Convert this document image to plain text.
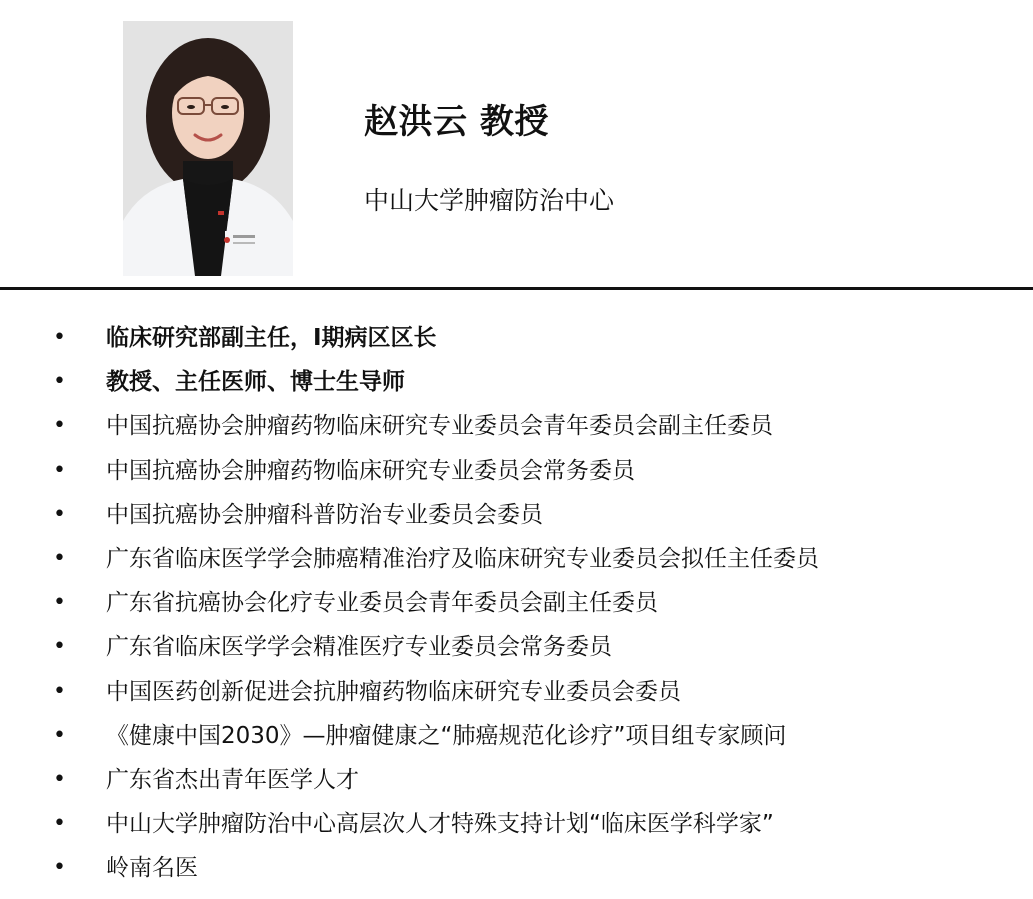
赵洪云 教授
中山大学肿瘤防治中心
• 临床研究部副主任，I期病区区长
• 教授、主任医师、博士生导师
• 中国抗癌协会肿瘤药物临床研究专业委员会青年委员会副主任委员
• 中国抗癌协会肿瘤药物临床研究专业委员会常务委员
• 中国抗癌协会肿瘤科普防治专业委员会委员
• 广东省临床医学学会肺癌精准治疗及临床研究专业委员会拟任主任委员
• 广东省抗癌协会化疗专业委员会青年委员会副主任委员
• 广东省临床医学学会精准医疗专业委员会常务委员
• 中国医药创新促进会抗肿瘤药物临床研究专业委员会委员
• 《健康中国2030》—肿瘤健康之“肺癌规范化诊疗”项目组专家顾问
• 广东省杰出青年医学人才
• 中山大学肿瘤防治中心高层次人才特殊支持计划“临床医学科学家”
• 岭南名医
